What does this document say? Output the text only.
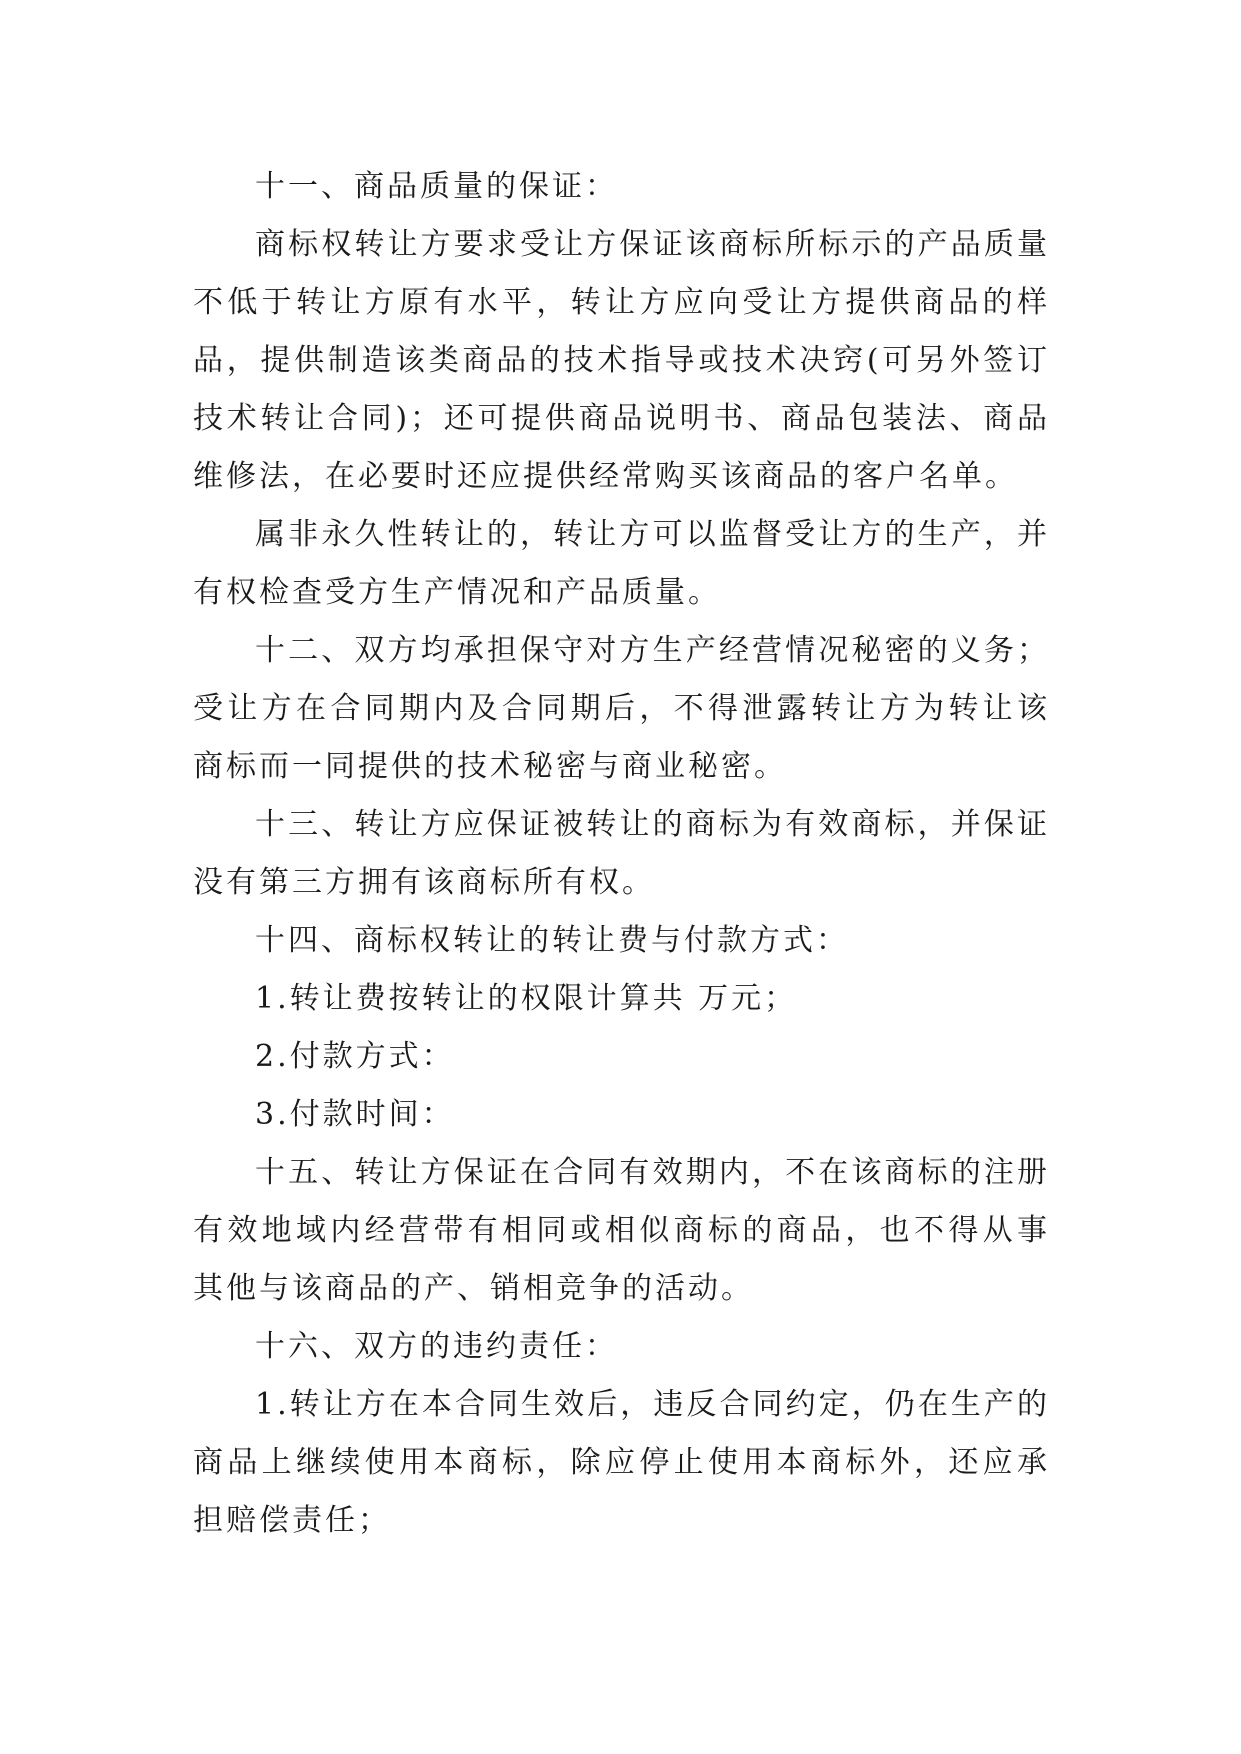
十一、商品质量的保证：

商标权转让方要求受让方保证该商标所标示的产品质量不低于转让方原有水平，转让方应向受让方提供商品的样品，提供制造该类商品的技术指导或技术决窍(可另外签订技术转让合同)；还可提供商品说明书、商品包装法、商品维修法，在必要时还应提供经常购买该商品的客户名单。

属非永久性转让的，转让方可以监督受让方的生产，并有权检查受方生产情况和产品质量。

十二、双方均承担保守对方生产经营情况秘密的义务；受让方在合同期内及合同期后，不得泄露转让方为转让该商标而一同提供的技术秘密与商业秘密。

十三、转让方应保证被转让的商标为有效商标，并保证没有第三方拥有该商标所有权。

十四、商标权转让的转让费与付款方式：

1.转让费按转让的权限计算共 万元；

2.付款方式：

3.付款时间：

十五、转让方保证在合同有效期内，不在该商标的注册有效地域内经营带有相同或相似商标的商品，也不得从事其他与该商品的产、销相竞争的活动。

十六、双方的违约责任：

1.转让方在本合同生效后，违反合同约定，仍在生产的商品上继续使用本商标，除应停止使用本商标外，还应承担赔偿责任；
